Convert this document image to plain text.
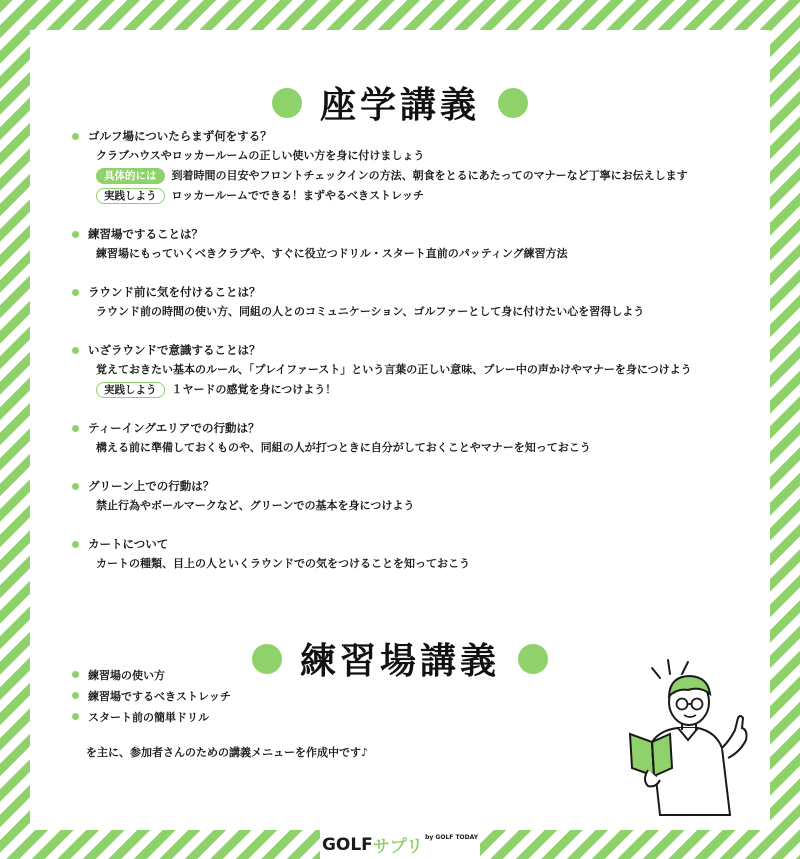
座学講義
ゴルフ場についたらまず何をする？
クラブハウスやロッカールームの正しい使い方を身に付けましょう
具体的には	到着時間の目安やフロントチェックインの方法、朝食をとるにあたってのマナーなど丁寧にお伝えします
実践しよう	ロッカールームでできる！まずやるべきストレッチ
練習場ですることは？
練習場にもっていくべきクラブや、すぐに役立つドリル・スタート直前のパッティング練習方法
ラウンド前に気を付けることは？
ラウンド前の時間の使い方、同組の人とのコミュニケーション、ゴルファーとして身に付けたい心を習得しよう
いざラウンドで意識することは？
覚えておきたい基本のルール、「プレイファースト」という言葉の正しい意味、プレー中の声かけやマナーを身につけよう
実践しよう	１ヤードの感覚を身につけよう！
ティーイングエリアでの行動は？
構える前に準備しておくものや、同組の人が打つときに自分がしておくことやマナーを知っておこう
グリーン上での行動は？
禁止行為やボールマークなど、グリーンでの基本を身につけよう
カートについて
カートの種類、目上の人といくラウンドでの気をつけることを知っておこう
練習場講義
練習場の使い方
練習場でするべきストレッチ
スタート前の簡単ドリル
を主に、参加者さんのための講義メニューを作成中です♪
GOLF サプリ by GOLF TODAY
